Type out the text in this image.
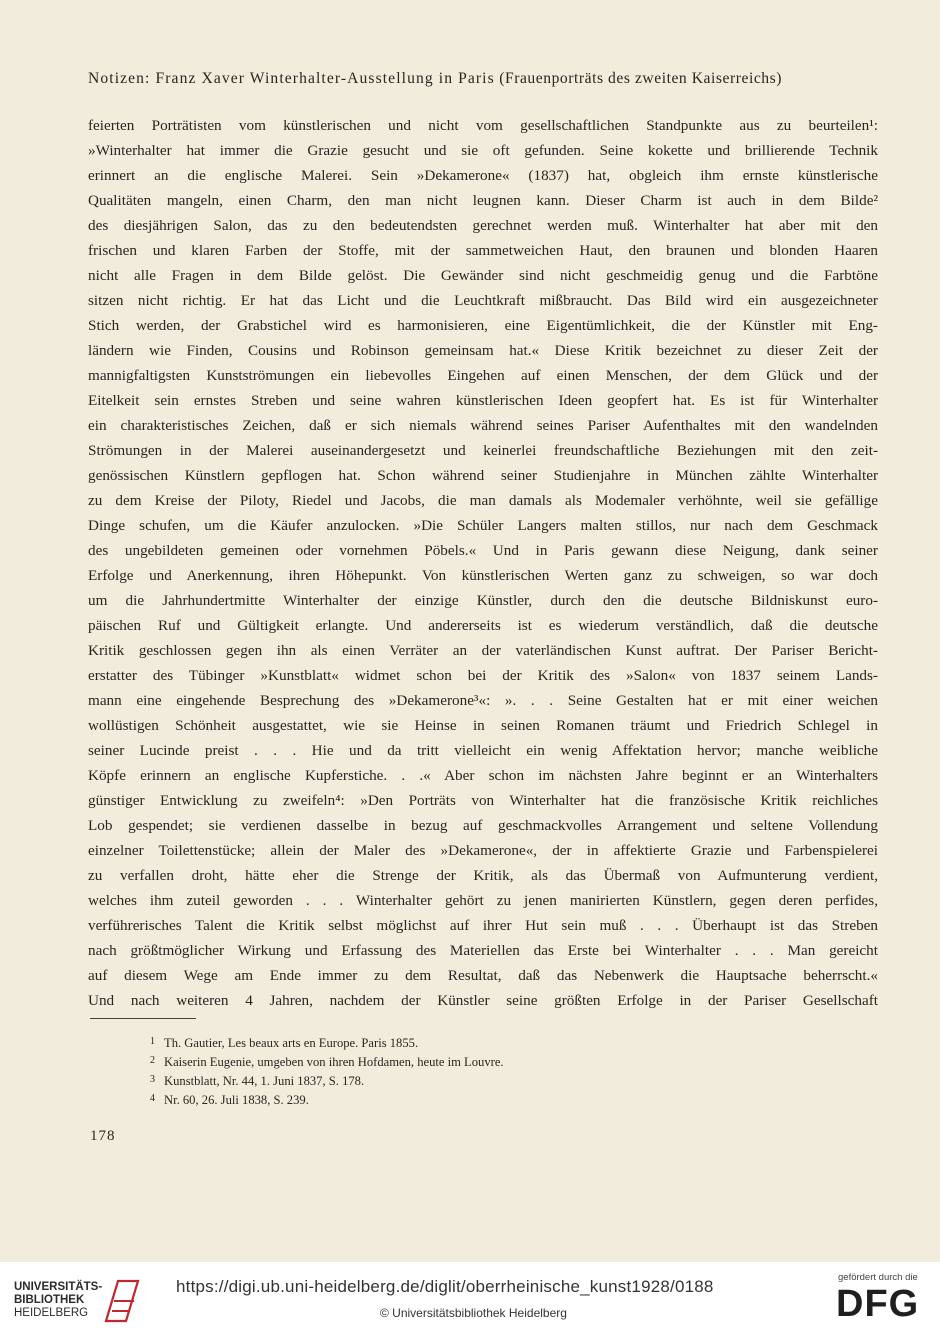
Notizen: Franz Xaver Winterhalter-Ausstellung in Paris (Frauenporträts des zweiten Kaiserreichs)
feierten Porträtisten vom künstlerischen und nicht vom gesellschaftlichen Standpunkte aus zu beurteilen¹:
»Winterhalter hat immer die Grazie gesucht und sie oft gefunden. Seine kokette und brillierende Technik
erinnert an die englische Malerei. Sein »Dekamerone« (1837) hat, obgleich ihm ernste künstlerische
Qualitäten mangeln, einen Charm, den man nicht leugnen kann. Dieser Charm ist auch in dem Bilde²
des diesjährigen Salon, das zu den bedeutendsten gerechnet werden muß. Winterhalter hat aber mit den
frischen und klaren Farben der Stoffe, mit der sammetweichen Haut, den braunen und blonden Haaren
nicht alle Fragen in dem Bilde gelöst. Die Gewänder sind nicht geschmeidig genug und die Farbtöne
sitzen nicht richtig. Er hat das Licht und die Leuchtkraft mißbraucht. Das Bild wird ein ausgezeichneter
Stich werden, der Grabstichel wird es harmonisieren, eine Eigentümlichkeit, die der Künstler mit Eng-
ländern wie Finden, Cousins und Robinson gemeinsam hat.« Diese Kritik bezeichnet zu dieser Zeit der
mannigfaltigsten Kunstströmungen ein liebevolles Eingehen auf einen Menschen, der dem Glück und der
Eitelkeit sein ernstes Streben und seine wahren künstlerischen Ideen geopfert hat. Es ist für Winterhalter
ein charakteristisches Zeichen, daß er sich niemals während seines Pariser Aufenthaltes mit den wandelnden
Strömungen in der Malerei auseinandergesetzt und keinerlei freundschaftliche Beziehungen mit den zeit-
genössischen Künstlern gepflogen hat. Schon während seiner Studienjahre in München zählte Winterhalter
zu dem Kreise der Piloty, Riedel und Jacobs, die man damals als Modemaler verhöhnte, weil sie gefällige
Dinge schufen, um die Käufer anzulocken. »Die Schüler Langers malten stillos, nur nach dem Geschmack
des ungebildeten gemeinen oder vornehmen Pöbels.« Und in Paris gewann diese Neigung, dank seiner
Erfolge und Anerkennung, ihren Höhepunkt. Von künstlerischen Werten ganz zu schweigen, so war doch
um die Jahrhundertmitte Winterhalter der einzige Künstler, durch den die deutsche Bildniskunst euro-
päischen Ruf und Gültigkeit erlangte. Und andererseits ist es wiederum verständlich, daß die deutsche
Kritik geschlossen gegen ihn als einen Verräter an der vaterländischen Kunst auftrat. Der Pariser Bericht-
erstatter des Tübinger »Kunstblatt« widmet schon bei der Kritik des »Salon« von 1837 seinem Lands-
mann eine eingehende Besprechung des »Dekamerone³«: ». . . Seine Gestalten hat er mit einer weichen
wollüstigen Schönheit ausgestattet, wie sie Heinse in seinen Romanen träumt und Friedrich Schlegel in
seiner Lucinde preist . . . Hie und da tritt vielleicht ein wenig Affektation hervor; manche weibliche
Köpfe erinnern an englische Kupferstiche. . .« Aber schon im nächsten Jahre beginnt er an Winterhalters
günstiger Entwicklung zu zweifeln⁴: »Den Porträts von Winterhalter hat die französische Kritik reichliches
Lob gespendet; sie verdienen dasselbe in bezug auf geschmackvolles Arrangement und seltene Vollendung
einzelner Toilettenstücke; allein der Maler des »Dekamerone«, der in affektierte Grazie und Farbenspielerei
zu verfallen droht, hätte eher die Strenge der Kritik, als das Übermaß von Aufmunterung verdient,
welches ihm zuteil geworden . . . Winterhalter gehört zu jenen manirierten Künstlern, gegen deren perfides,
verführerisches Talent die Kritik selbst möglichst auf ihrer Hut sein muß . . . Überhaupt ist das Streben
nach größtmöglicher Wirkung und Erfassung des Materiellen das Erste bei Winterhalter . . . Man gereicht
auf diesem Wege am Ende immer zu dem Resultat, daß das Nebenwerk die Hauptsache beherrscht.«
Und nach weiteren 4 Jahren, nachdem der Künstler seine größten Erfolge in der Pariser Gesellschaft
1 Th. Gautier, Les beaux arts en Europe. Paris 1855.
2 Kaiserin Eugenie, umgeben von ihren Hofdamen, heute im Louvre.
3 Kunstblatt, Nr. 44, 1. Juni 1837, S. 178.
4 Nr. 60, 26. Juli 1838, S. 239.
178
UNIVERSITÄTS-
BIBLIOTHEK
HEIDELBERG
https://digi.ub.uni-heidelberg.de/diglit/oberrheinische_kunst1928/0188
© Universitätsbibliothek Heidelberg
gefördert durch die
DFG
